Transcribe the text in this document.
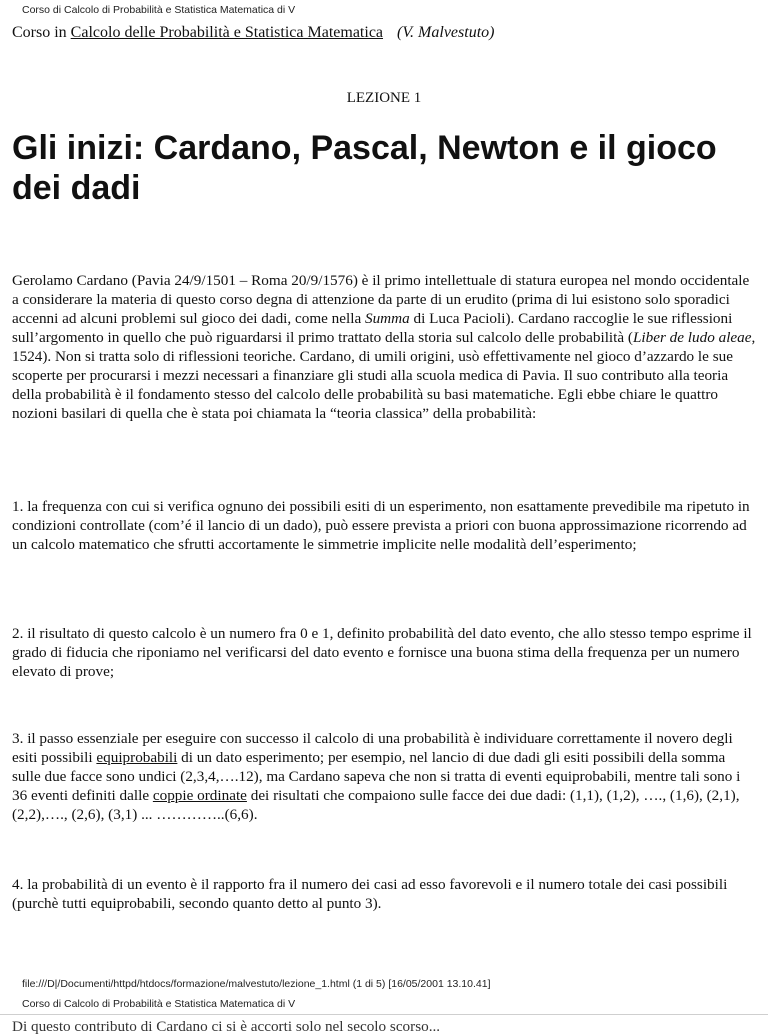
Corso di Calcolo di Probabilità e Statistica Matematica di V
Corso in Calcolo delle Probabilità e Statistica Matematica (V. Malvestuto)
LEZIONE 1
Gli inizi: Cardano, Pascal, Newton e il gioco dei dadi

Gerolamo Cardano (Pavia 24/9/1501 – Roma 20/9/1576) è il primo intellettuale di statura europea nel mondo occidentale a considerare la materia di questo corso degna di attenzione da parte di un erudito (prima di lui esistono solo sporadici accenni ad alcuni problemi sul gioco dei dadi, come nella Summa di Luca Pacioli). Cardano raccoglie le sue riflessioni sull’argomento in quello che può riguardarsi il primo trattato della storia sul calcolo delle probabilità (Liber de ludo aleae, 1524). Non si tratta solo di riflessioni teoriche. Cardano, di umili origini, usò effettivamente nel gioco d’azzardo le sue scoperte per procurarsi i mezzi necessari a finanziare gli studi alla scuola medica di Pavia. Il suo contributo alla teoria della probabilità è il fondamento stesso del calcolo delle probabilità su basi matematiche. Egli ebbe chiare le quattro nozioni basilari di quella che è stata poi chiamata la “teoria classica” della probabilità:

1. la frequenza con cui si verifica ognuno dei possibili esiti di un esperimento, non esattamente prevedibile ma ripetuto in condizioni controllate (com’é il lancio di un dado), può essere prevista a priori con buona approssimazione ricorrendo ad un calcolo matematico che sfrutti accortamente le simmetrie implicite nelle modalità dell’esperimento;

2. il risultato di questo calcolo è un numero fra 0 e 1, definito probabilità del dato evento, che allo stesso tempo esprime il grado di fiducia che riponiamo nel verificarsi del dato evento e fornisce una buona stima della frequenza per un numero elevato di prove;

3. il passo essenziale per eseguire con successo il calcolo di una probabilità è individuare correttamente il novero degli esiti possibili equiprobabili di un dato esperimento; per esempio, nel lancio di due dadi gli esiti possibili della somma sulle due facce sono undici (2,3,4,….12), ma Cardano sapeva che non si tratta di eventi equiprobabili, mentre tali sono i 36 eventi definiti dalle coppie ordinate dei risultati che compaiono sulle facce dei due dadi: (1,1), (1,2), …., (1,6), (2,1), (2,2),…., (2,6), (3,1) ... …………..(6,6).

4. la probabilità di un evento è il rapporto fra il numero dei casi ad esso favorevoli e il numero totale dei casi possibili (purchè tutti equiprobabili, secondo quanto detto al punto 3).

file:///D|/Documenti/httpd/htdocs/formazione/malvestuto/lezione_1.html (1 di 5) [16/05/2001 13.10.41]
Corso di Calcolo di Probabilità e Statistica Matematica di V
Di questo contributo di Cardano ci si è accorti solo nel secolo scorso...
